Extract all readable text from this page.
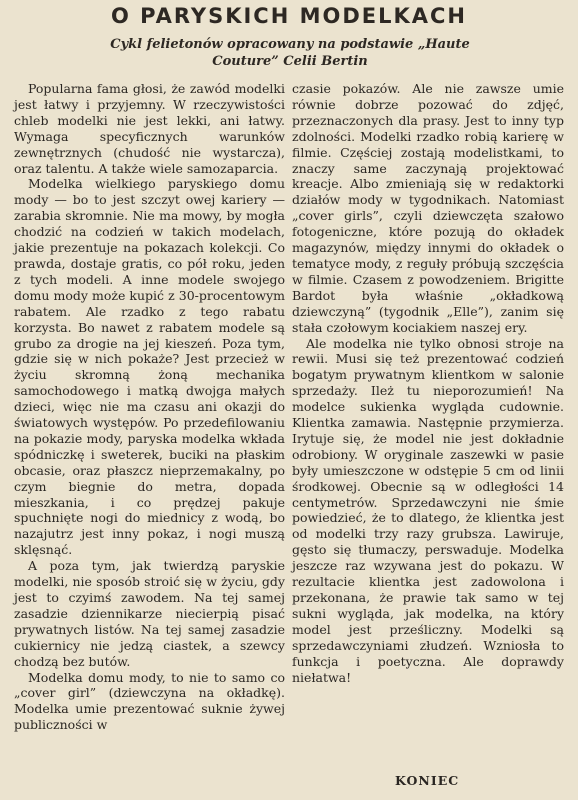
O PARYSKICH MODELKACH
Cykl felietonów opracowany na podstawie „Haute Couture” Celii Bertin

Popularna fama głosi, że zawód modelki jest łatwy i przyjemny. W rzeczywistości chleb modelki nie jest lekki, ani łatwy. Wymaga specyficznych warunków zewnętrznych (chudość nie wystarcza), oraz talentu. A także wiele samozaparcia.

Modelka wielkiego paryskiego domu mody — bo to jest szczyt owej kariery — zarabia skromnie. Nie ma mowy, by mogła chodzić na codzień w takich modelach, jakie prezentuje na pokazach kolekcji. Co prawda, dostaje gratis, co pół roku, jeden z tych modeli. A inne modele swojego domu mody może kupić z 30-procentowym rabatem. Ale rzadko z tego rabatu korzysta. Bo nawet z rabatem modele są grubo za drogie na jej kieszeń. Poza tym, gdzie się w nich pokaże? Jest przecież w życiu skromną żoną mechanika samochodowego i matką dwojga małych dzieci, więc nie ma czasu ani okazji do światowych występów. Po przedefilowaniu na pokazie mody, paryska modelka wkłada spódniczkę i sweterek, buciki na płaskim obcasie, oraz płaszcz nieprzemakalny, po czym biegnie do metra, dopada mieszkania, i co prędzej pakuje spuchnięte nogi do miednicy z wodą, bo nazajutrz jest inny pokaz, i nogi muszą sklęsnąć.

A poza tym, jak twierdzą paryskie modelki, nie sposób stroić się w życiu, gdy jest to czyimś zawodem. Na tej samej zasadzie dziennikarze niecierpią pisać prywatnych listów. Na tej samej zasadzie cukiernicy nie jedzą ciastek, a szewcy chodzą bez butów.

Modelka domu mody, to nie to samo co „cover girl” (dziewczyna na okładkę). Modelka umie prezentować suknie żywej publiczności w

czasie pokazów. Ale nie zawsze umie równie dobrze pozować do zdjęć, przeznaczonych dla prasy. Jest to inny typ zdolności. Modelki rzadko robią karierę w filmie. Częściej zostają modelistkami, to znaczy same zaczynają projektować kreacje. Albo zmieniają się w redaktorki działów mody w tygodnikach. Natomiast „cover girls”, czyli dziewczęta szałowo fotogeniczne, które pozują do okładek magazynów, między innymi do okładek o tematyce mody, z reguły próbują szczęścia w filmie. Czasem z powodzeniem. Brigitte Bardot była właśnie „okładkową dziewczyną” (tygodnik „Elle”), zanim się stała czołowym kociakiem naszej ery.

Ale modelka nie tylko obnosi stroje na rewii. Musi się też prezentować codzień bogatym prywatnym klientkom w salonie sprzedaży. Ileż tu nieporozumień! Na modelce sukienka wygląda cudownie. Klientka zamawia. Następnie przymierza. Irytuje się, że model nie jest dokładnie odrobiony. W oryginale zaszewki w pasie były umieszczone w odstępie 5 cm od linii środkowej. Obecnie są w odległości 14 centymetrów. Sprzedawczyni nie śmie powiedzieć, że to dlatego, że klientka jest od modelki trzy razy grubsza. Lawiruje, gęsto się tłumaczy, perswaduje. Modelka jeszcze raz wzywana jest do pokazu. W rezultacie klientka jest zadowolona i przekonana, że prawie tak samo w tej sukni wygląda, jak modelka, na który model jest prześliczny. Modelki są sprzedawczyniami złudzeń. Wzniosła to funkcja i poetyczna. Ale doprawdy niełatwa!

KONIEC
